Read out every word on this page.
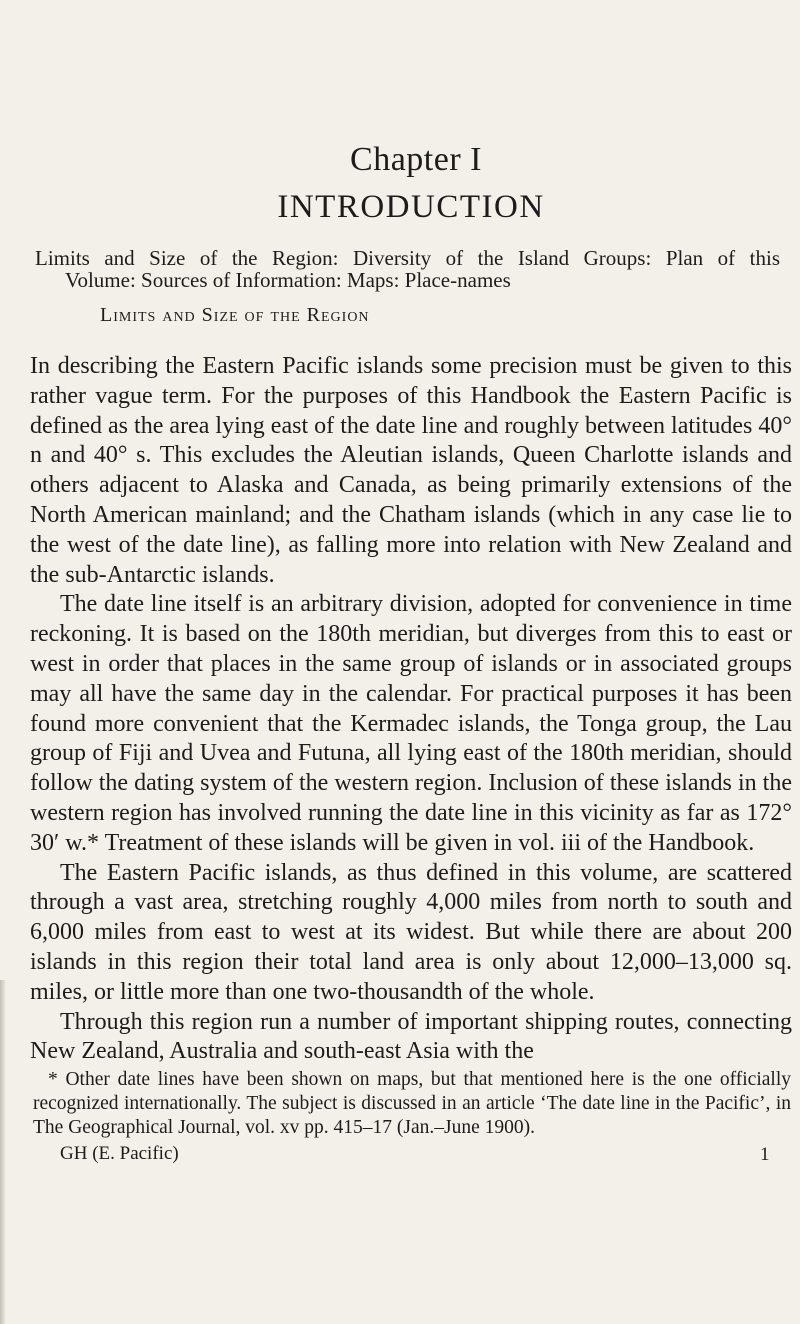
Chapter I
INTRODUCTION
Limits and Size of the Region: Diversity of the Island Groups: Plan of this
Volume: Sources of Information: Maps: Place-names
Limits and Size of the Region

In describing the Eastern Pacific islands some precision must be given to this rather vague term. For the purposes of this Handbook the Eastern Pacific is defined as the area lying east of the date line and roughly between latitudes 40° n and 40° s. This excludes the Aleutian islands, Queen Charlotte islands and others adjacent to Alaska and Canada, as being primarily extensions of the North American mainland; and the Chatham islands (which in any case lie to the west of the date line), as falling more into relation with New Zealand and the sub-Antarctic islands.

The date line itself is an arbitrary division, adopted for convenience in time reckoning. It is based on the 180th meridian, but diverges from this to east or west in order that places in the same group of islands or in associated groups may all have the same day in the calendar. For practical purposes it has been found more convenient that the Kermadec islands, the Tonga group, the Lau group of Fiji and Uvea and Futuna, all lying east of the 180th meridian, should follow the dating system of the western region. Inclusion of these islands in the western region has involved running the date line in this vicinity as far as 172° 30′ w.* Treatment of these islands will be given in vol. iii of the Handbook.

The Eastern Pacific islands, as thus defined in this volume, are scattered through a vast area, stretching roughly 4,000 miles from north to south and 6,000 miles from east to west at its widest. But while there are about 200 islands in this region their total land area is only about 12,000–13,000 sq. miles, or little more than one two-thousandth of the whole.

Through this region run a number of important shipping routes, connecting New Zealand, Australia and south-east Asia with the

* Other date lines have been shown on maps, but that mentioned here is the one officially recognized internationally. The subject is discussed in an article ‘The date line in the Pacific’, in The Geographical Journal, vol. xv pp. 415–17 (Jan.–June 1900).

GH (E. Pacific)	1
